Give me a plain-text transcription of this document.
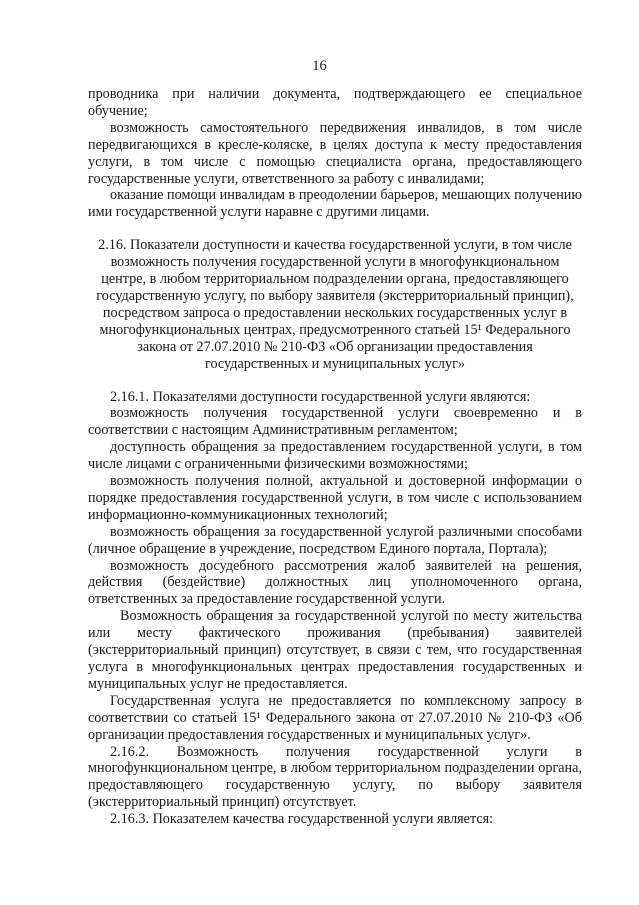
16

проводника при наличии документа, подтверждающего ее специальное обучение;

возможность самостоятельного передвижения инвалидов, в том числе передвигающихся в кресле-коляске, в целях доступа к месту предоставления услуги, в том числе с помощью специалиста органа, предоставляющего государственные услуги, ответственного за работу с инвалидами;

оказание помощи инвалидам в преодолении барьеров, мешающих получению ими государственной услуги наравне с другими лицами.

2.16. Показатели доступности и качества государственной услуги, в том числе возможность получения государственной услуги в многофункциональном центре, в любом территориальном подразделении органа, предоставляющего государственную услугу, по выбору заявителя (экстерриториальный принцип), посредством запроса о предоставлении нескольких государственных услуг в многофункциональных центрах, предусмотренного статьей 15¹ Федерального закона от 27.07.2010 № 210-ФЗ «Об организации предоставления государственных и муниципальных услуг»

2.16.1. Показателями доступности государственной услуги являются:

возможность получения государственной услуги своевременно и в соответствии с настоящим Административным регламентом;

доступность обращения за предоставлением государственной услуги, в том числе лицами с ограниченными физическими возможностями;

возможность получения полной, актуальной и достоверной информации о порядке предоставления государственной услуги, в том числе с использованием информационно-коммуникационных технологий;

возможность обращения за государственной услугой различными способами (личное обращение в учреждение, посредством Единого портала, Портала);

возможность досудебного рассмотрения жалоб заявителей на решения, действия (бездействие) должностных лиц уполномоченного органа, ответственных за предоставление государственной услуги.

Возможность обращения за государственной услугой по месту жительства или месту фактического проживания (пребывания) заявителей (экстерриториальный принцип) отсутствует, в связи с тем, что государственная услуга в многофункциональных центрах предоставления государственных и муниципальных услуг не предоставляется.

Государственная услуга не предоставляется по комплексному запросу в соответствии со статьей 15¹ Федерального закона от 27.07.2010 № 210-ФЗ «Об организации предоставления государственных и муниципальных услуг».

2.16.2. Возможность получения государственной услуги в многофункциональном центре, в любом территориальном подразделении органа, предоставляющего государственную услугу, по выбору заявителя (экстерриториальный принцип) отсутствует.

2.16.3. Показателем качества государственной услуги является:
